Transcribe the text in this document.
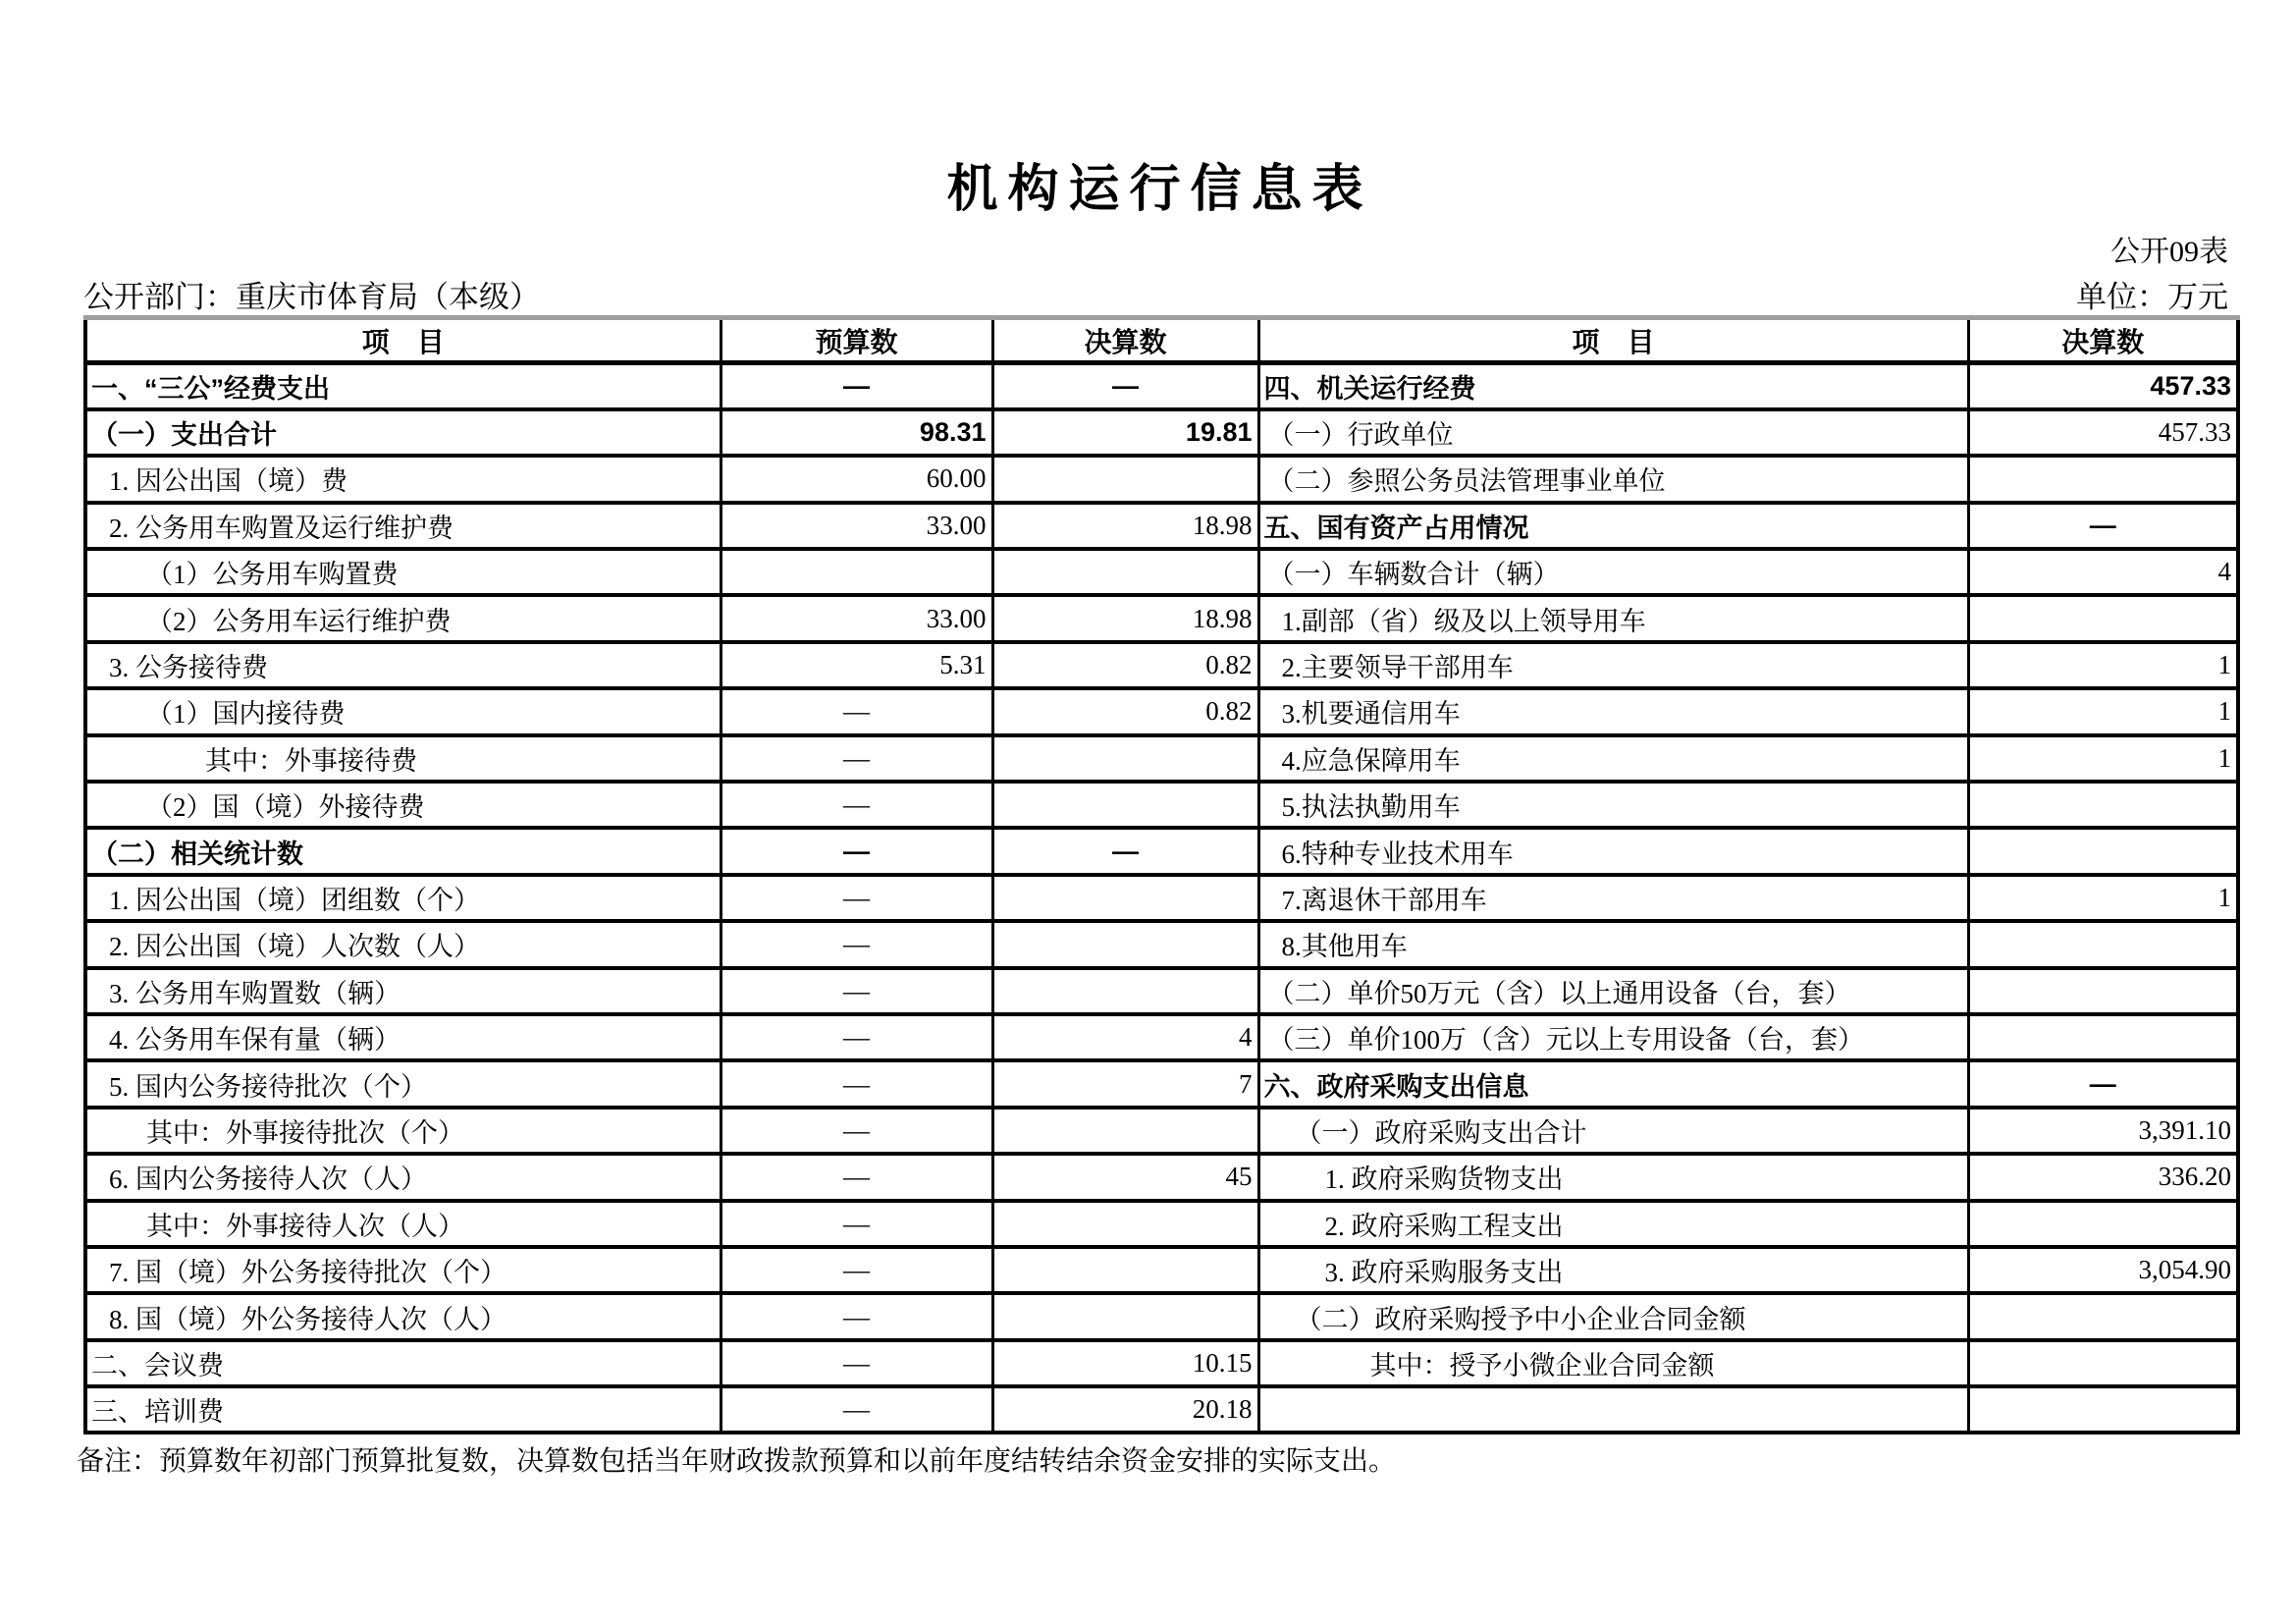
机构运行信息表
公开09表
公开部门：重庆市体育局（本级）	单位：万元
项　目	预算数	决算数	项　目	决算数
一、“三公”经费支出	—	—	四、机关运行经费	457.33
（一）支出合计	98.31	19.81	（一）行政单位	457.33
1. 因公出国（境）费	60.00		（二）参照公务员法管理事业单位	
2. 公务用车购置及运行维护费	33.00	18.98	五、国有资产占用情况	—
（1）公务用车购置费			（一）车辆数合计（辆）	4
（2）公务用车运行维护费	33.00	18.98	1.副部（省）级及以上领导用车	
3. 公务接待费	5.31	0.82	2.主要领导干部用车	1
（1）国内接待费	—	0.82	3.机要通信用车	1
其中：外事接待费	—		4.应急保障用车	1
（2）国（境）外接待费	—		5.执法执勤用车	
（二）相关统计数	—	—	6.特种专业技术用车	
1. 因公出国（境）团组数（个）	—		7.离退休干部用车	1
2. 因公出国（境）人次数（人）	—		8.其他用车	
3. 公务用车购置数（辆）	—		（二）单价50万元（含）以上通用设备（台，套）	
4. 公务用车保有量（辆）	—	4	（三）单价100万（含）元以上专用设备（台，套）	
5. 国内公务接待批次（个）	—	7	六、政府采购支出信息	—
其中：外事接待批次（个）	—		（一）政府采购支出合计	3,391.10
6. 国内公务接待人次（人）	—	45	1. 政府采购货物支出	336.20
其中：外事接待人次（人）	—		2. 政府采购工程支出	
7. 国（境）外公务接待批次（个）	—		3. 政府采购服务支出	3,054.90
8. 国（境）外公务接待人次（人）	—		（二）政府采购授予中小企业合同金额	
二、会议费	—	10.15	其中：授予小微企业合同金额	
三、培训费	—	20.18		
备注：预算数年初部门预算批复数，决算数包括当年财政拨款预算和以前年度结转结余资金安排的实际支出。
